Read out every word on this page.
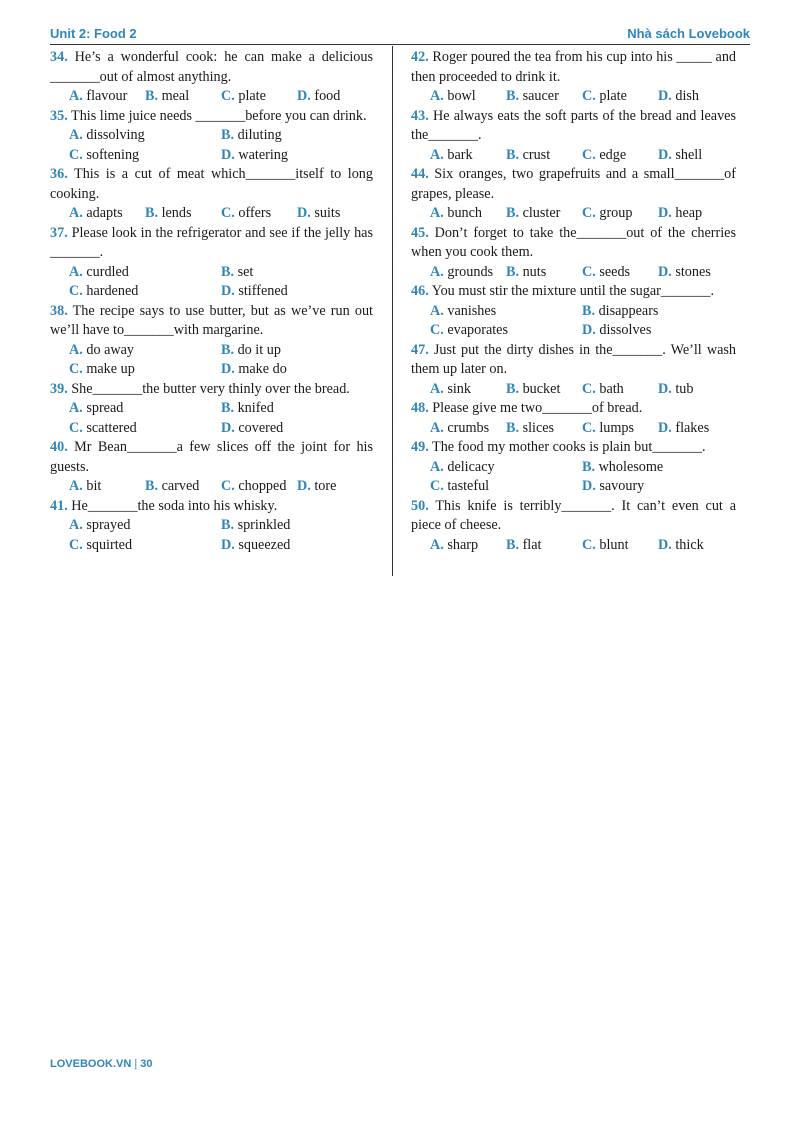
Unit 2: Food 2	Nhà sách Lovebook
34. He’s a wonderful cook: he can make a delicious _______out of almost anything.
A. flavour B. meal C. plate D. food
35. This lime juice needs _______before you can drink.
A. dissolving	B. diluting
C. softening	D. watering
36. This is a cut of meat which_______itself to long cooking.
A. adapts B. lends C. offers D. suits
37. Please look in the refrigerator and see if the jelly has _______.
A. curdled	B. set
C. hardened	D. stiffened
38. The recipe says to use butter, but as we’ve run out we’ll have to_______with margarine.
A. do away	B. do it up
C. make up	D. make do
39. She_______the butter very thinly over the bread.
A. spread	B. knifed
C. scattered	D. covered
40. Mr Bean_______a few slices off the joint for his guests.
A. bit	B. carved C. chopped D. tore
41. He_______the soda into his whisky.
A. sprayed	B. sprinkled
C. squirted	D. squeezed
42. Roger poured the tea from his cup into his _____ and then proceeded to drink it.
A. bowl B. saucer C. plate D. dish
43. He always eats the soft parts of the bread and leaves the_______.
A. bark B. crust C. edge D. shell
44. Six oranges, two grapefruits and a small_______of grapes, please.
A. bunch B. cluster C. group D. heap
45. Don’t forget to take the_______out of the cherries when you cook them.
A. grounds B. nuts	C. seeds D. stones
46. You must stir the mixture until the sugar_______.
A. vanishes	B. disappears
C. evaporates	D. dissolves
47. Just put the dirty dishes in the_______. We’ll wash them up later on.
A. sink B. bucket C. bath D. tub
48. Please give me two_______of bread.
A. crumbs B. slices C. lumps D. flakes
49. The food my mother cooks is plain but_______.
A. delicacy	B. wholesome
C. tasteful	D. savoury
50. This knife is terribly_______. It can’t even cut a piece of cheese.
A. sharp B. flat	C. blunt D. thick
LOVEBOOK.VN | 30
